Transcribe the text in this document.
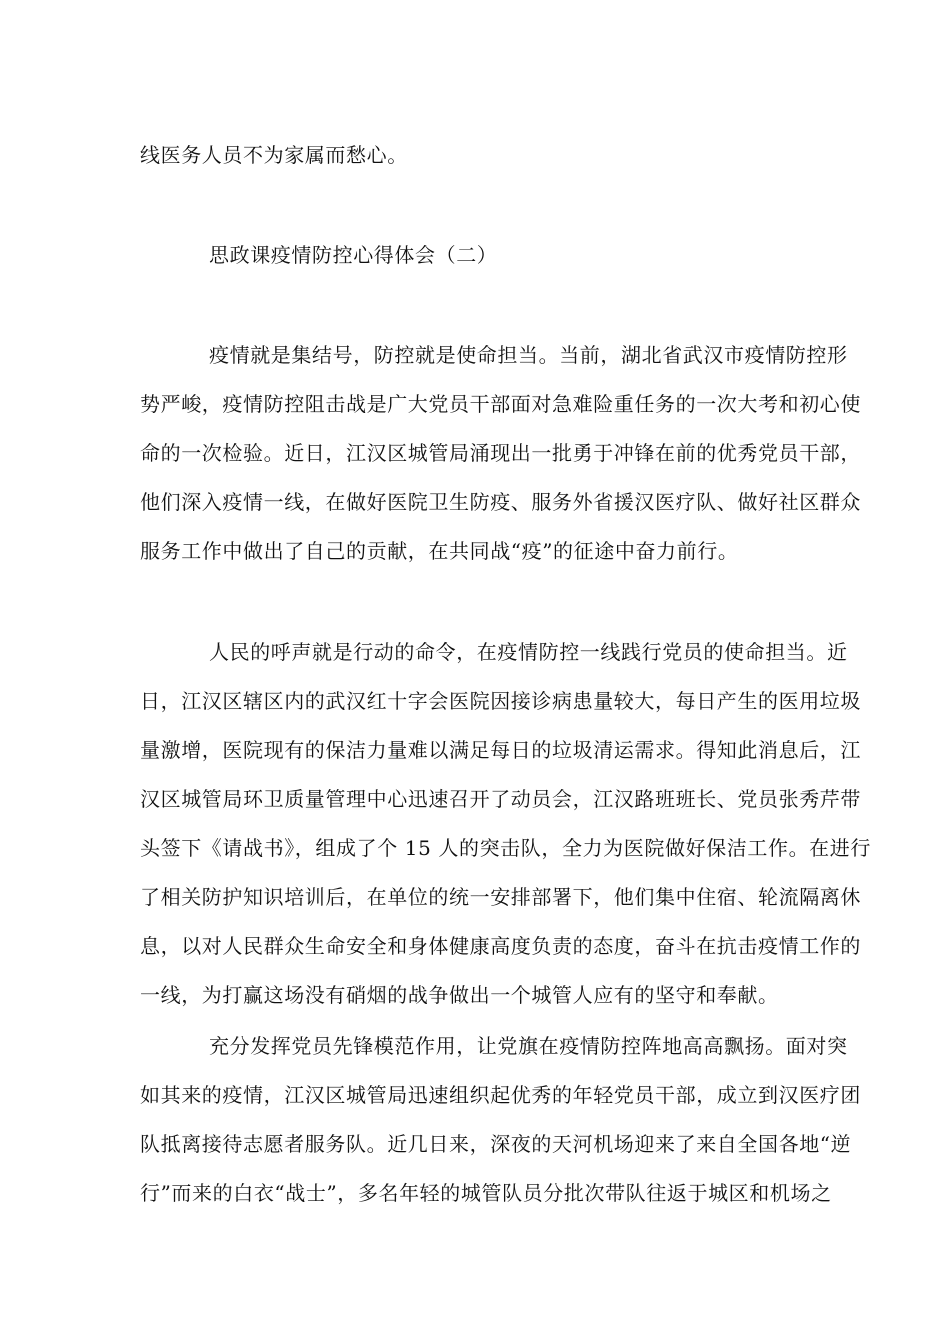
线医务人员不为家属而愁心。
思政课疫情防控心得体会（二）
疫情就是集结号，防控就是使命担当。当前，湖北省武汉市疫情防控形
势严峻，疫情防控阻击战是广大党员干部面对急难险重任务的一次大考和初心使
命的一次检验。近日，江汉区城管局涌现出一批勇于冲锋在前的优秀党员干部，
他们深入疫情一线，在做好医院卫生防疫、服务外省援汉医疗队、做好社区群众
服务工作中做出了自己的贡献，在共同战“疫”的征途中奋力前行。
人民的呼声就是行动的命令，在疫情防控一线践行党员的使命担当。近
日，江汉区辖区内的武汉红十字会医院因接诊病患量较大，每日产生的医用垃圾
量激增，医院现有的保洁力量难以满足每日的垃圾清运需求。得知此消息后，江
汉区城管局环卫质量管理中心迅速召开了动员会，江汉路班班长、党员张秀芹带
头签下《请战书》，组成了个 15 人的突击队，全力为医院做好保洁工作。在进行
了相关防护知识培训后，在单位的统一安排部署下，他们集中住宿、轮流隔离休
息，以对人民群众生命安全和身体健康高度负责的态度，奋斗在抗击疫情工作的
一线，为打赢这场没有硝烟的战争做出一个城管人应有的坚守和奉献。
充分发挥党员先锋模范作用，让党旗在疫情防控阵地高高飘扬。面对突
如其来的疫情，江汉区城管局迅速组织起优秀的年轻党员干部，成立到汉医疗团
队抵离接待志愿者服务队。近几日来，深夜的天河机场迎来了来自全国各地“逆
行”而来的白衣“战士”，多名年轻的城管队员分批次带队往返于城区和机场之
